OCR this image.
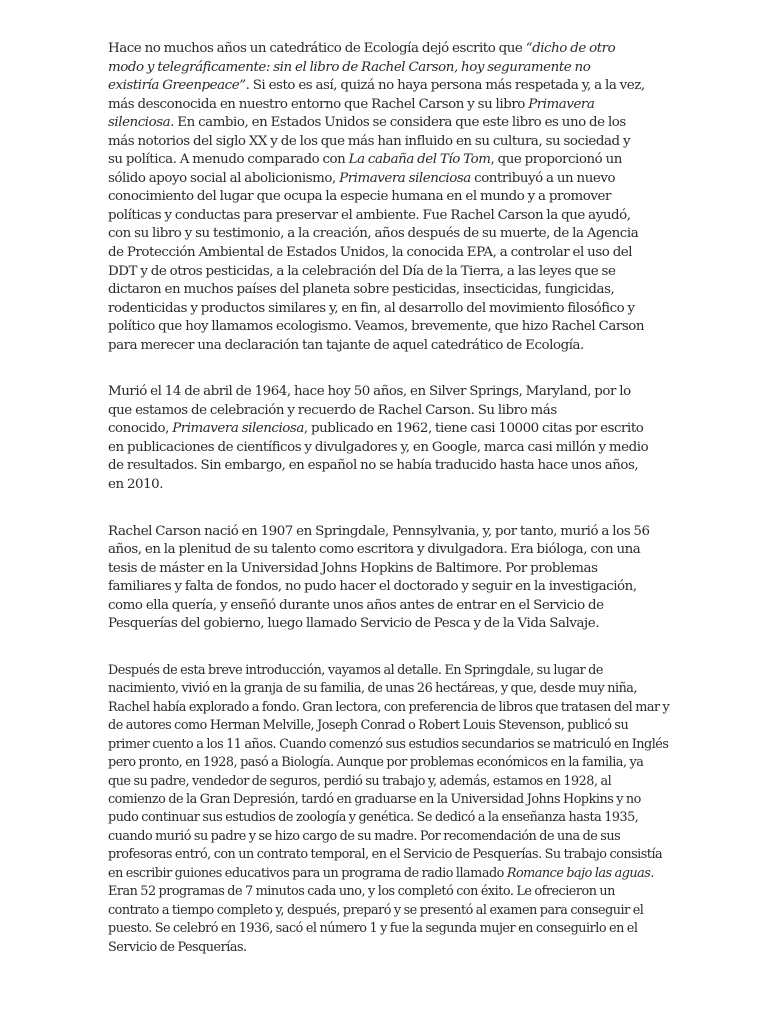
Hace no muchos años un catedrático de Ecología dejó escrito que “dicho de otro
modo y telegráficamente: sin el libro de Rachel Carson, hoy seguramente no
existiría Greenpeace”. Si esto es así, quizá no haya persona más respetada y, a la vez,
más desconocida en nuestro entorno que Rachel Carson y su libro Primavera
silenciosa. En cambio, en Estados Unidos se considera que este libro es uno de los
más notorios del siglo XX y de los que más han influido en su cultura, su sociedad y
su política. A menudo comparado con La cabaña del Tío Tom, que proporcionó un
sólido apoyo social al abolicionismo, Primavera silenciosa contribuyó a un nuevo
conocimiento del lugar que ocupa la especie humana en el mundo y a promover
políticas y conductas para preservar el ambiente. Fue Rachel Carson la que ayudó,
con su libro y su testimonio, a la creación, años después de su muerte, de la Agencia
de Protección Ambiental de Estados Unidos, la conocida EPA, a controlar el uso del
DDT y de otros pesticidas, a la celebración del Día de la Tierra, a las leyes que se
dictaron en muchos países del planeta sobre pesticidas, insecticidas, fungicidas,
rodenticidas y productos similares y, en fin, al desarrollo del movimiento filosófico y
político que hoy llamamos ecologismo. Veamos, brevemente, que hizo Rachel Carson
para merecer una declaración tan tajante de aquel catedrático de Ecología.

Murió el 14 de abril de 1964, hace hoy 50 años, en Silver Springs, Maryland, por lo
que estamos de celebración y recuerdo de Rachel Carson. Su libro más
conocido, Primavera silenciosa, publicado en 1962, tiene casi 10000 citas por escrito
en publicaciones de científicos y divulgadores y, en Google, marca casi millón y medio
de resultados. Sin embargo, en español no se había traducido hasta hace unos años,
en 2010.

Rachel Carson nació en 1907 en Springdale, Pennsylvania, y, por tanto, murió a los 56
años, en la plenitud de su talento como escritora y divulgadora. Era bióloga, con una
tesis de máster en la Universidad Johns Hopkins de Baltimore. Por problemas
familiares y falta de fondos, no pudo hacer el doctorado y seguir en la investigación,
como ella quería, y enseñó durante unos años antes de entrar en el Servicio de
Pesquerías del gobierno, luego llamado Servicio de Pesca y de la Vida Salvaje.

Después de esta breve introducción, vayamos al detalle. En Springdale, su lugar de
nacimiento, vivió en la granja de su familia, de unas 26 hectáreas, y que, desde muy niña,
Rachel había explorado a fondo. Gran lectora, con preferencia de libros que tratasen del mar y
de autores como Herman Melville, Joseph Conrad o Robert Louis Stevenson, publicó su
primer cuento a los 11 años. Cuando comenzó sus estudios secundarios se matriculó en Inglés
pero pronto, en 1928, pasó a Biología. Aunque por problemas económicos en la familia, ya
que su padre, vendedor de seguros, perdió su trabajo y, además, estamos en 1928, al
comienzo de la Gran Depresión, tardó en graduarse en la Universidad Johns Hopkins y no
pudo continuar sus estudios de zoología y genética. Se dedicó a la enseñanza hasta 1935,
cuando murió su padre y se hizo cargo de su madre. Por recomendación de una de sus
profesoras entró, con un contrato temporal, en el Servicio de Pesquerías. Su trabajo consistía
en escribir guiones educativos para un programa de radio llamado Romance bajo las aguas.
Eran 52 programas de 7 minutos cada uno, y los completó con éxito. Le ofrecieron un
contrato a tiempo completo y, después, preparó y se presentó al examen para conseguir el
puesto. Se celebró en 1936, sacó el número 1 y fue la segunda mujer en conseguirlo en el
Servicio de Pesquerías.
